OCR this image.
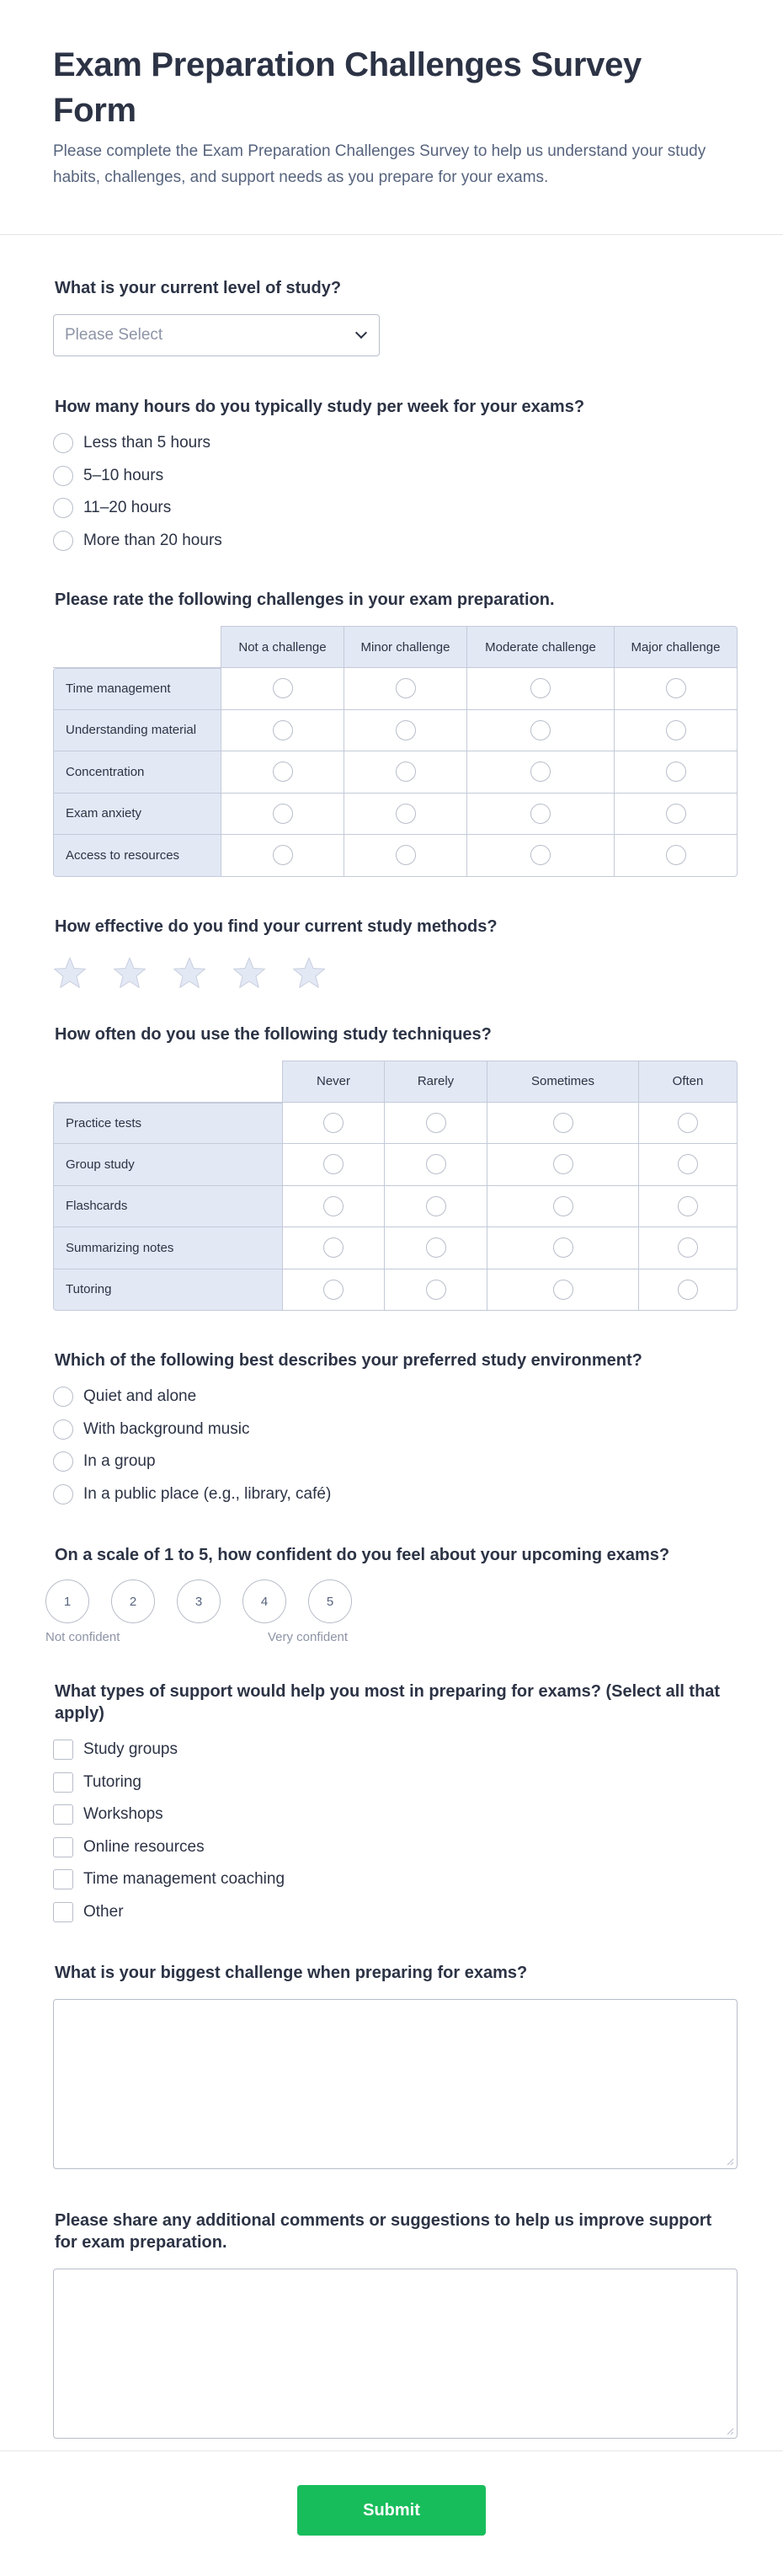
Exam Preparation Challenges Survey Form

Please complete the Exam Preparation Challenges Survey to help us understand your study habits, challenges, and support needs as you prepare for your exams.

What is your current level of study?
Please Select
How many hours do you typically study per week for your exams?
Less than 5 hours
5–10 hours
11–20 hours
More than 20 hours
Please rate the following challenges in your exam preparation.
	Not a challenge	Minor challenge	Moderate challenge	Major challenge
Time management				
Understanding material				
Concentration				
Exam anxiety				
Access to resources				
How effective do you find your current study methods?
How often do you use the following study techniques?
	Never	Rarely	Sometimes	Often
Practice tests				
Group study				
Flashcards				
Summarizing notes				
Tutoring				
Which of the following best describes your preferred study environment?
Quiet and alone
With background music
In a group
In a public place (e.g., library, café)
On a scale of 1 to 5, how confident do you feel about your upcoming exams?
1	2	3	4	5
Not confident	Very confident
What types of support would help you most in preparing for exams? (Select all that apply)
Study groups
Tutoring
Workshops
Online resources
Time management coaching
Other
What is your biggest challenge when preparing for exams?
Please share any additional comments or suggestions to help us improve support for exam preparation.
Submit
